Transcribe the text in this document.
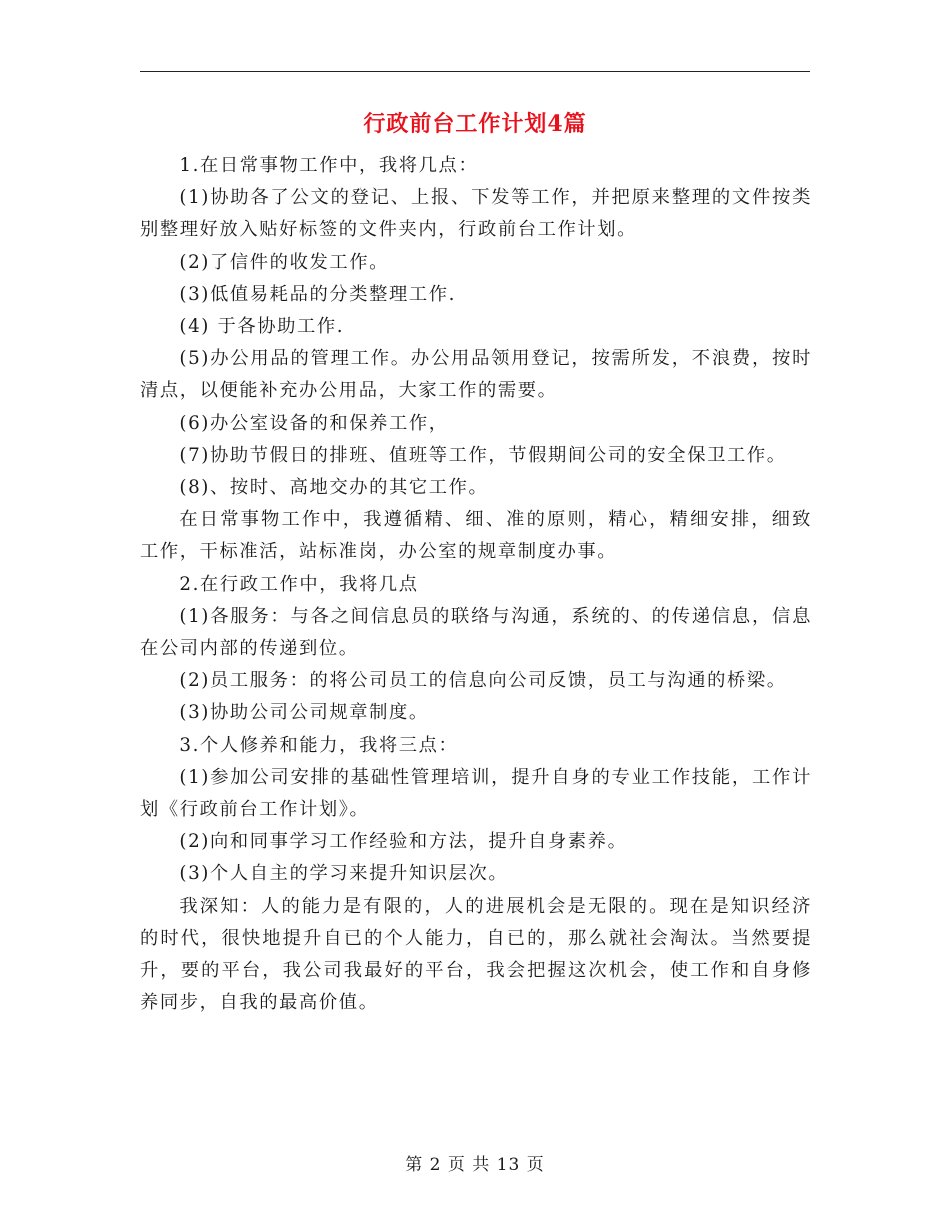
行政前台工作计划4篇

1.在日常事物工作中，我将几点：

(1)协助各了公文的登记、上报、下发等工作，并把原来整理的文件按类别整理好放入贴好标签的文件夹内，行政前台工作计划。

(2)了信件的收发工作。

(3)低值易耗品的分类整理工作.

(4) 于各协助工作.

(5)办公用品的管理工作。办公用品领用登记，按需所发，不浪费，按时清点，以便能补充办公用品，大家工作的需要。

(6)办公室设备的和保养工作，

(7)协助节假日的排班、值班等工作，节假期间公司的安全保卫工作。

(8)、按时、高地交办的其它工作。

在日常事物工作中，我遵循精、细、准的原则，精心，精细安排，细致工作，干标准活，站标准岗，办公室的规章制度办事。

2.在行政工作中，我将几点

(1)各服务：与各之间信息员的联络与沟通，系统的、的传递信息，信息在公司内部的传递到位。

(2)员工服务：的将公司员工的信息向公司反馈，员工与沟通的桥梁。

(3)协助公司公司规章制度。

3.个人修养和能力，我将三点：

(1)参加公司安排的基础性管理培训，提升自身的专业工作技能，工作计划《行政前台工作计划》。

(2)向和同事学习工作经验和方法，提升自身素养。

(3)个人自主的学习来提升知识层次。

我深知：人的能力是有限的，人的进展机会是无限的。现在是知识经济的时代，很快地提升自已的个人能力，自已的，那么就社会淘汰。当然要提升，要的平台，我公司我最好的平台，我会把握这次机会，使工作和自身修养同步，自我的最高价值。

第 2 页 共 13 页
